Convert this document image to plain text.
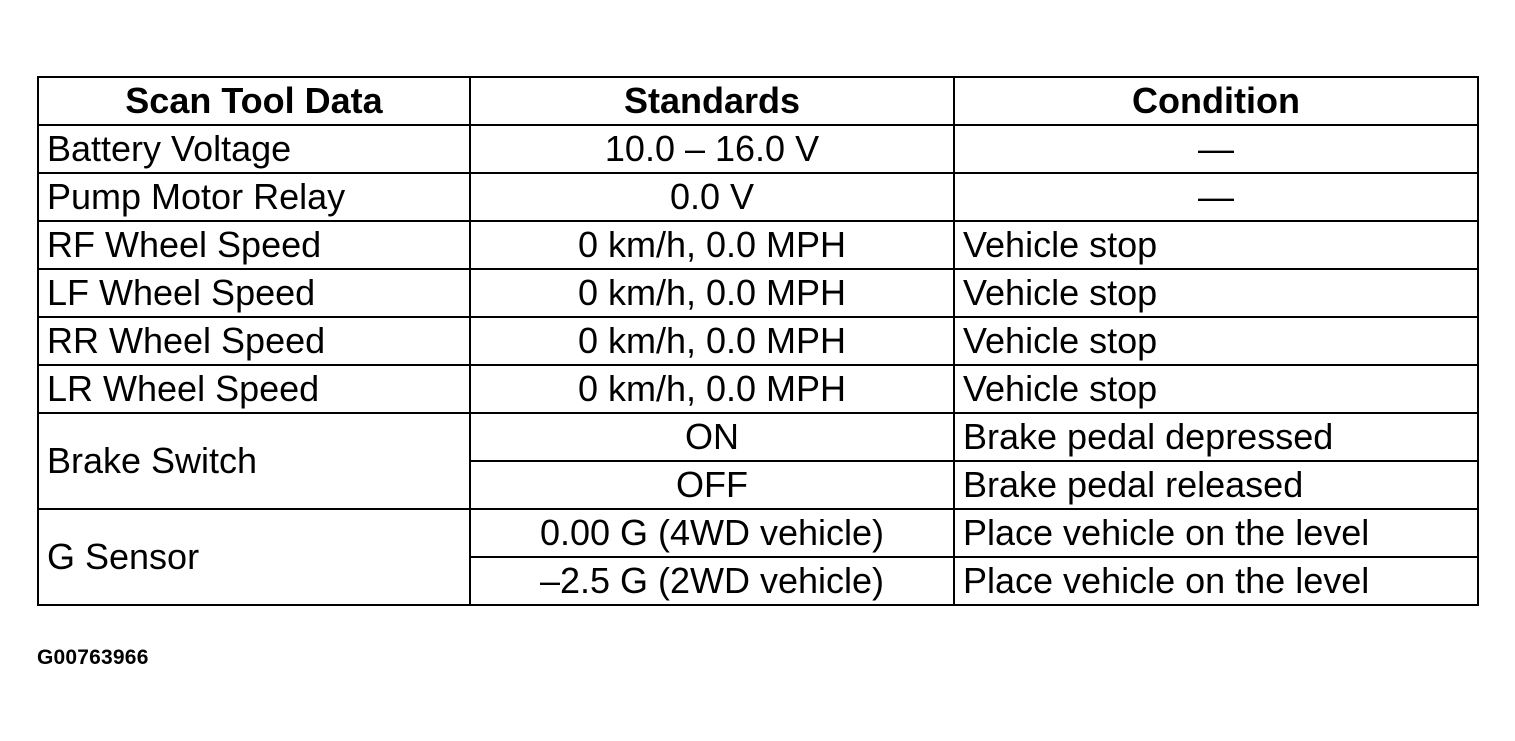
Scan Tool Data	Standards	Condition
Battery Voltage	10.0 – 16.0 V	—
Pump Motor Relay	0.0 V	—
RF Wheel Speed	0 km/h, 0.0 MPH	Vehicle stop
LF Wheel Speed	0 km/h, 0.0 MPH	Vehicle stop
RR Wheel Speed	0 km/h, 0.0 MPH	Vehicle stop
LR Wheel Speed	0 km/h, 0.0 MPH	Vehicle stop
Brake Switch	ON	Brake pedal depressed
	OFF	Brake pedal released
G Sensor	0.00 G (4WD vehicle)	Place vehicle on the level
	–2.5 G (2WD vehicle)	Place vehicle on the level
G00763966
